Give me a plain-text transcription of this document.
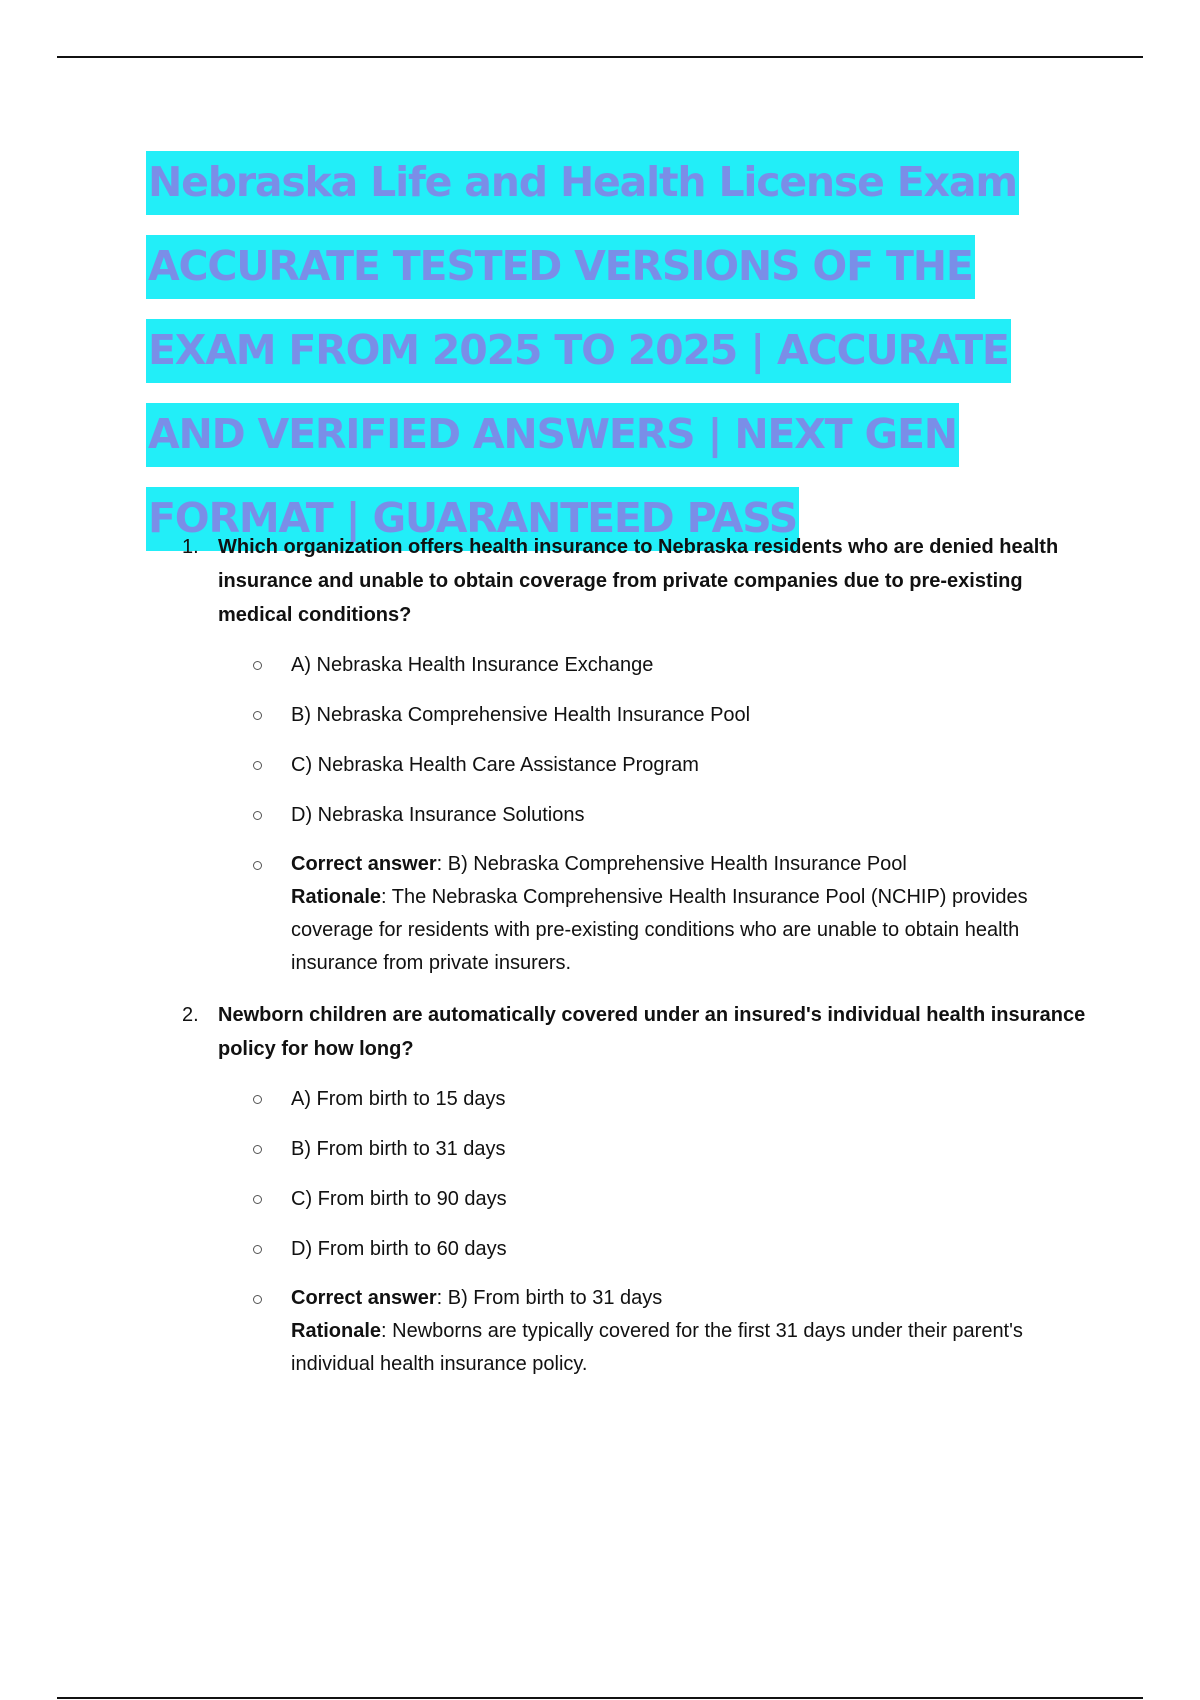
Nebraska Life and Health License Exam
ACCURATE TESTED VERSIONS OF THE
EXAM FROM 2025 TO 2025 | ACCURATE
AND VERIFIED ANSWERS | NEXT GEN
FORMAT | GUARANTEED PASS
1. Which organization offers health insurance to Nebraska residents who are denied health insurance and unable to obtain coverage from private companies due to pre-existing medical conditions?

A) Nebraska Health Insurance Exchange
B) Nebraska Comprehensive Health Insurance Pool
C) Nebraska Health Care Assistance Program
D) Nebraska Insurance Solutions
Correct answer: B) Nebraska Comprehensive Health Insurance Pool
Rationale: The Nebraska Comprehensive Health Insurance Pool (NCHIP) provides coverage for residents with pre-existing conditions who are unable to obtain health insurance from private insurers.
2. Newborn children are automatically covered under an insured's individual health insurance policy for how long?

A) From birth to 15 days
B) From birth to 31 days
C) From birth to 90 days
D) From birth to 60 days
Correct answer: B) From birth to 31 days
Rationale: Newborns are typically covered for the first 31 days under their parent's individual health insurance policy.
